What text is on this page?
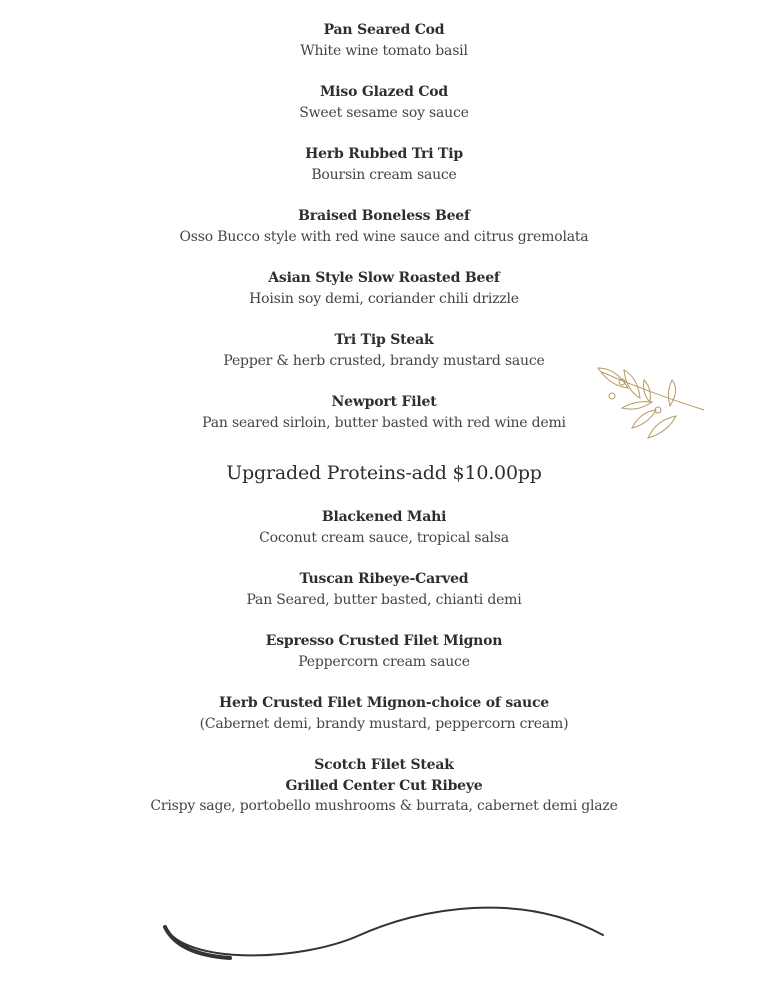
Pan Seared Cod
White wine tomato basil
Miso Glazed Cod
Sweet sesame soy sauce
Herb Rubbed Tri Tip
Boursin cream sauce
Braised Boneless Beef
Osso Bucco style with red wine sauce and citrus gremolata
Asian Style Slow Roasted Beef
Hoisin soy demi, coriander chili drizzle
Tri Tip Steak
Pepper & herb crusted, brandy mustard sauce
Newport Filet
Pan seared sirloin, butter basted with red wine demi
Upgraded Proteins-add $10.00pp
Blackened Mahi
Coconut cream sauce, tropical salsa
Tuscan Ribeye-Carved
Pan Seared, butter basted, chianti demi
Espresso Crusted Filet Mignon
Peppercorn cream sauce
Herb Crusted Filet Mignon-choice of sauce
(Cabernet demi, brandy mustard, peppercorn cream)
Scotch Filet Steak
Grilled Center Cut Ribeye
Crispy sage, portobello mushrooms & burrata, cabernet demi glaze
